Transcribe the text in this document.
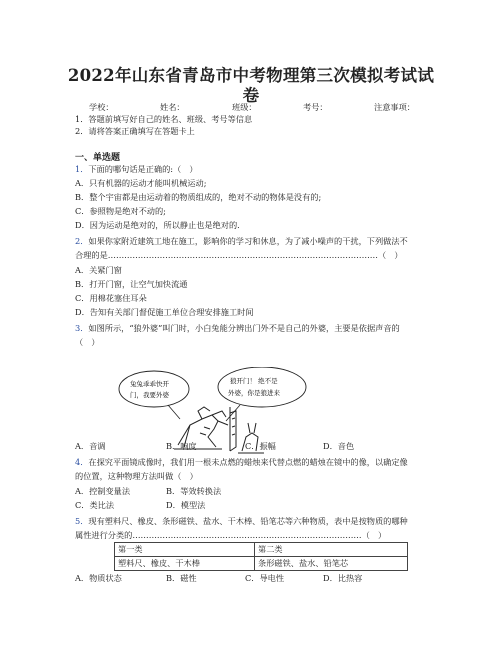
2022年山东省青岛市中考物理第三次模拟考试试
卷
学校：	姓名：	班级：	考号：	注意事项：
1．答题前填写好自己的姓名、班级、考号等信息
2．请将答案正确填写在答题卡上
一、单选题
1．下面的哪句话是正确的:（　）
A．只有机器的运动才能叫机械运动;
B．整个宇宙都是由运动着的物质组成的，绝对不动的物体是没有的;
C．参照物是绝对不动的;
D．因为运动是绝对的，所以静止也是绝对的．
2．如果你家附近建筑工地在施工，影响你的学习和休息，为了减小噪声的干扰，下列做法不
合理的是………………………………………………………………………………………（　）
A．关紧门窗
B．打开门窗，让空气加快流通
C．用棉花塞住耳朵
D．告知有关部门督促施工单位合理安排施工时间
3．如图所示，“狼外婆”叫门时，小白兔能分辨出门外不是自己的外婆，主要是依据声音的
（　）
兔兔乖乖快开
门，我要外婆
狼开门！ 绝不是
外婆，你是狼进来
A．音调	B．响度	C．振幅	D．音色
4．在探究平面镜成像时，我们用一根未点燃的蜡烛来代替点燃的蜡烛在镜中的像，以确定像
的位置，这种物理方法叫做（　）
A．控制变量法	B．等效转换法
C．类比法	D．模型法
5．现有塑料尺、橡皮、条形磁铁、盐水、干木棒、铅笔芯等六种物质，表中是按物质的哪种
属性进行分类的…………………………………………………………………………（　）
第一类	第二类
塑料尺、橡皮、干木棒	条形磁铁、盐水、铅笔芯
A．物质状态	B．磁性	C．导电性	D．比热容
